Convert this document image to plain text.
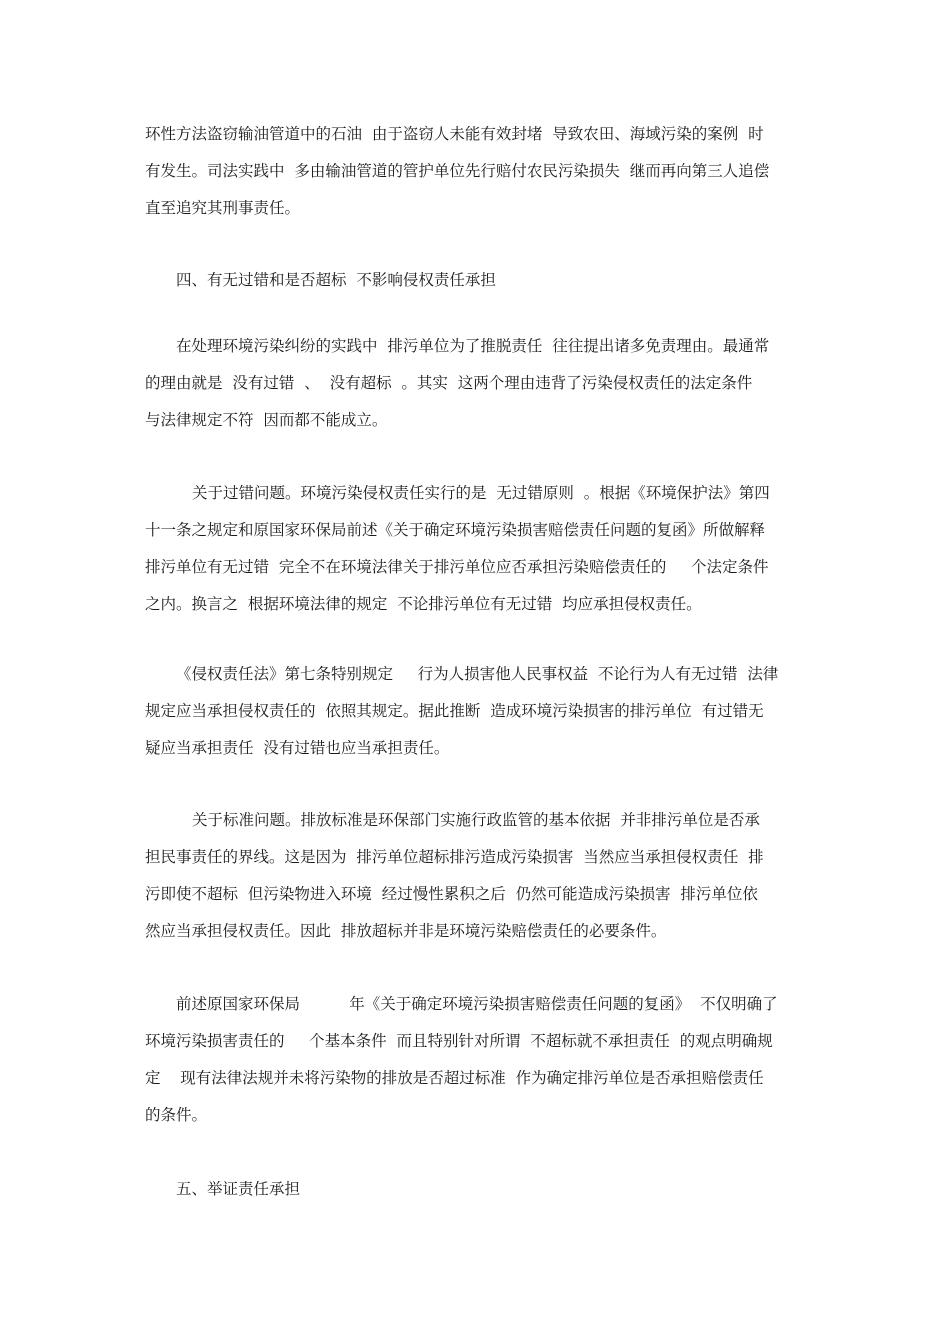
环性方法盗窃输油管道中的石油  由于盗窃人未能有效封堵  导致农田、海域污染的案例  时
有发生。司法实践中  多由输油管道的管护单位先行赔付农民污染损失  继而再向第三人追偿
直至追究其刑事责任。
四、有无过错和是否超标  不影响侵权责任承担
在处理环境污染纠纷的实践中  排污单位为了推脱责任  往往提出诸多免责理由。最通常
的理由就是  没有过错  、  没有超标  。其实  这两个理由违背了污染侵权责任的法定条件
与法律规定不符  因而都不能成立。
关于过错问题。环境污染侵权责任实行的是  无过错原则  。根据《环境保护法》第四
十一条之规定和原国家环保局前述《关于确定环境污染损害赔偿责任问题的复函》所做解释
排污单位有无过错  完全不在环境法律关于排污单位应否承担污染赔偿责任的     个法定条件
之内。换言之  根据环境法律的规定  不论排污单位有无过错  均应承担侵权责任。
《侵权责任法》第七条特别规定     行为人损害他人民事权益  不论行为人有无过错  法律
规定应当承担侵权责任的  依照其规定。据此推断  造成环境污染损害的排污单位  有过错无
疑应当承担责任  没有过错也应当承担责任。
关于标准问题。排放标准是环保部门实施行政监管的基本依据  并非排污单位是否承
担民事责任的界线。这是因为  排污单位超标排污造成污染损害  当然应当承担侵权责任  排
污即使不超标  但污染物进入环境  经过慢性累积之后  仍然可能造成污染损害  排污单位依
然应当承担侵权责任。因此  排放超标并非是环境污染赔偿责任的必要条件。
前述原国家环保局          年《关于确定环境污染损害赔偿责任问题的复函》  不仅明确了
环境污染损害责任的     个基本条件  而且特别针对所谓  不超标就不承担责任  的观点明确规
定    现有法律法规并未将污染物的排放是否超过标准  作为确定排污单位是否承担赔偿责任
的条件。
五、举证责任承担
